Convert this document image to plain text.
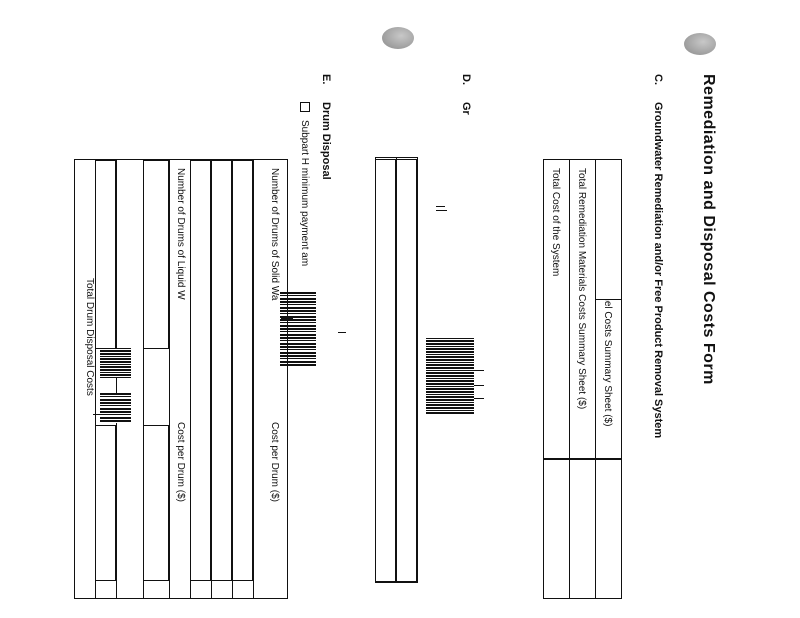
Remediation and Disposal Costs Form
C.
Groundwater Remediation and/or Free Product Removal System
Total Remediation Materials Costs Summary Sheet ($)
Total Cost of the System
D.
Gr
E.
Drum Disposal
Subpart H minimum payment am
Number of Drums of Solid Wa
Cost per Drum ($)
Number of Drums of Liquid W
Cost per Drum ($)
Total Drum Disposal Costs
